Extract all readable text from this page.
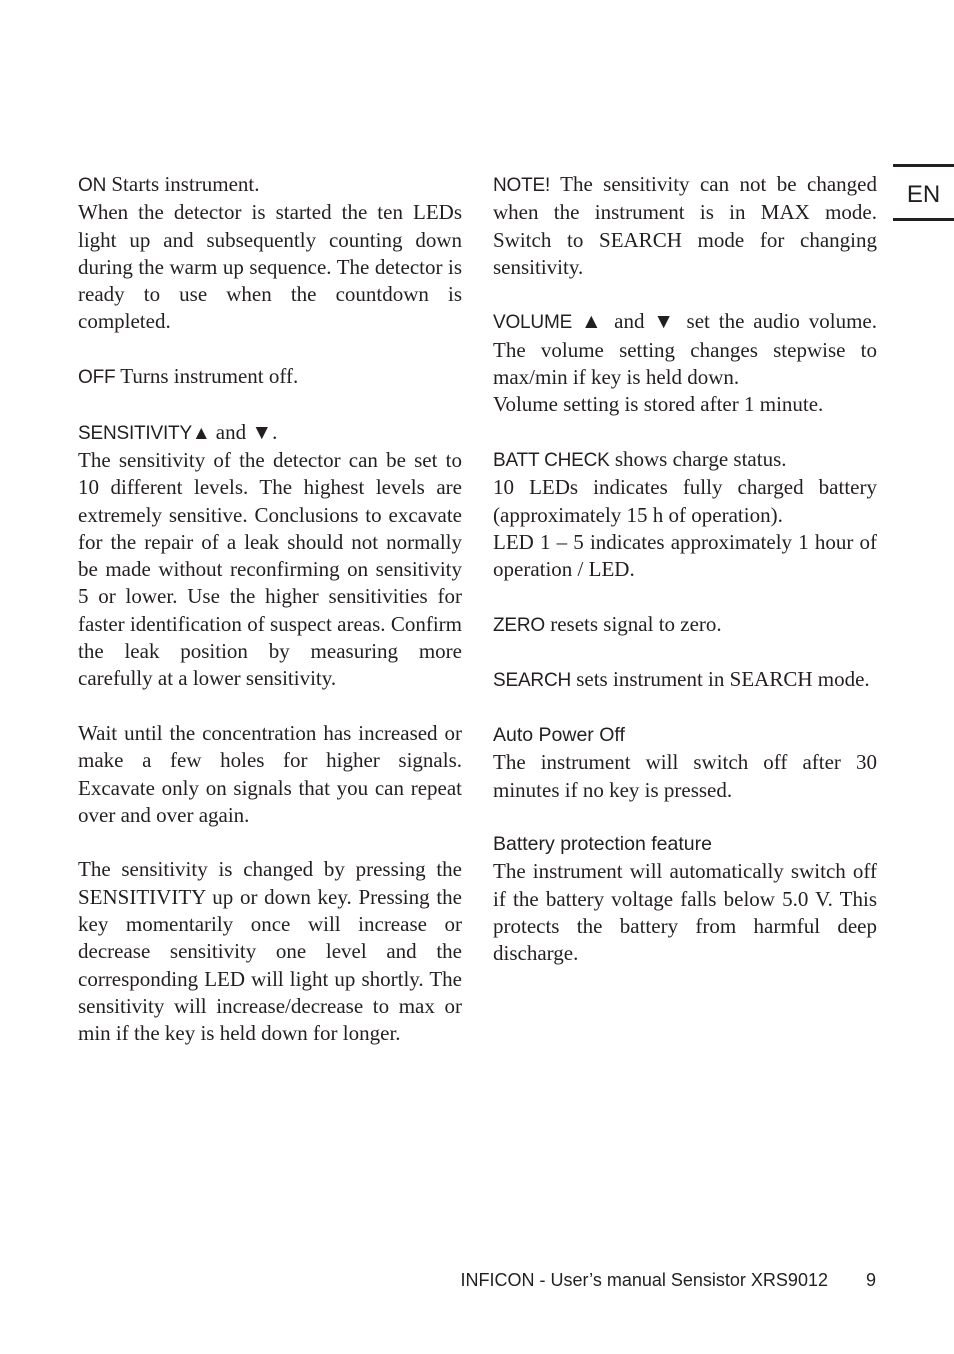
EN

ON Starts instrument.
When the detector is started the ten LEDs light up and subsequently counting down during the warm up sequence. The detector is ready to use when the countdown is completed.

OFF Turns instrument off.

SENSITIVITY▲ and ▼.
The sensitivity of the detector can be set to 10 different levels. The highest levels are extremely sensitive. Conclusions to excavate for the repair of a leak should not normally be made without reconfirming on sensitivity 5 or lower. Use the higher sensitivities for faster identification of suspect areas. Confirm the leak position by measuring more carefully at a lower sensitivity.

Wait until the concentration has increased or make a few holes for higher signals. Excavate only on signals that you can repeat over and over again.

The sensitivity is changed by pressing the SENSITIVITY up or down key. Pressing the key momentarily once will increase or decrease sensitivity one level and the corresponding LED will light up shortly. The sensitivity will increase/decrease to max or min if the key is held down for longer.

NOTE! The sensitivity can not be changed when the instrument is in MAX mode. Switch to SEARCH mode for changing sensitivity.

VOLUME ▲ and ▼ set the audio volume. The volume setting changes stepwise to max/min if key is held down.
Volume setting is stored after 1 minute.

BATT CHECK shows charge status.
10 LEDs indicates fully charged battery (approximately 15 h of operation).
LED 1 – 5 indicates approximately 1 hour of operation / LED.

ZERO resets signal to zero.

SEARCH sets instrument in SEARCH mode.

Auto Power Off
The instrument will switch off after 30 minutes if no key is pressed.

Battery protection feature
The instrument will automatically switch off if the battery voltage falls below 5.0 V. This protects the battery from harmful deep discharge.

INFICON - User’s manual Sensistor XRS9012 9
